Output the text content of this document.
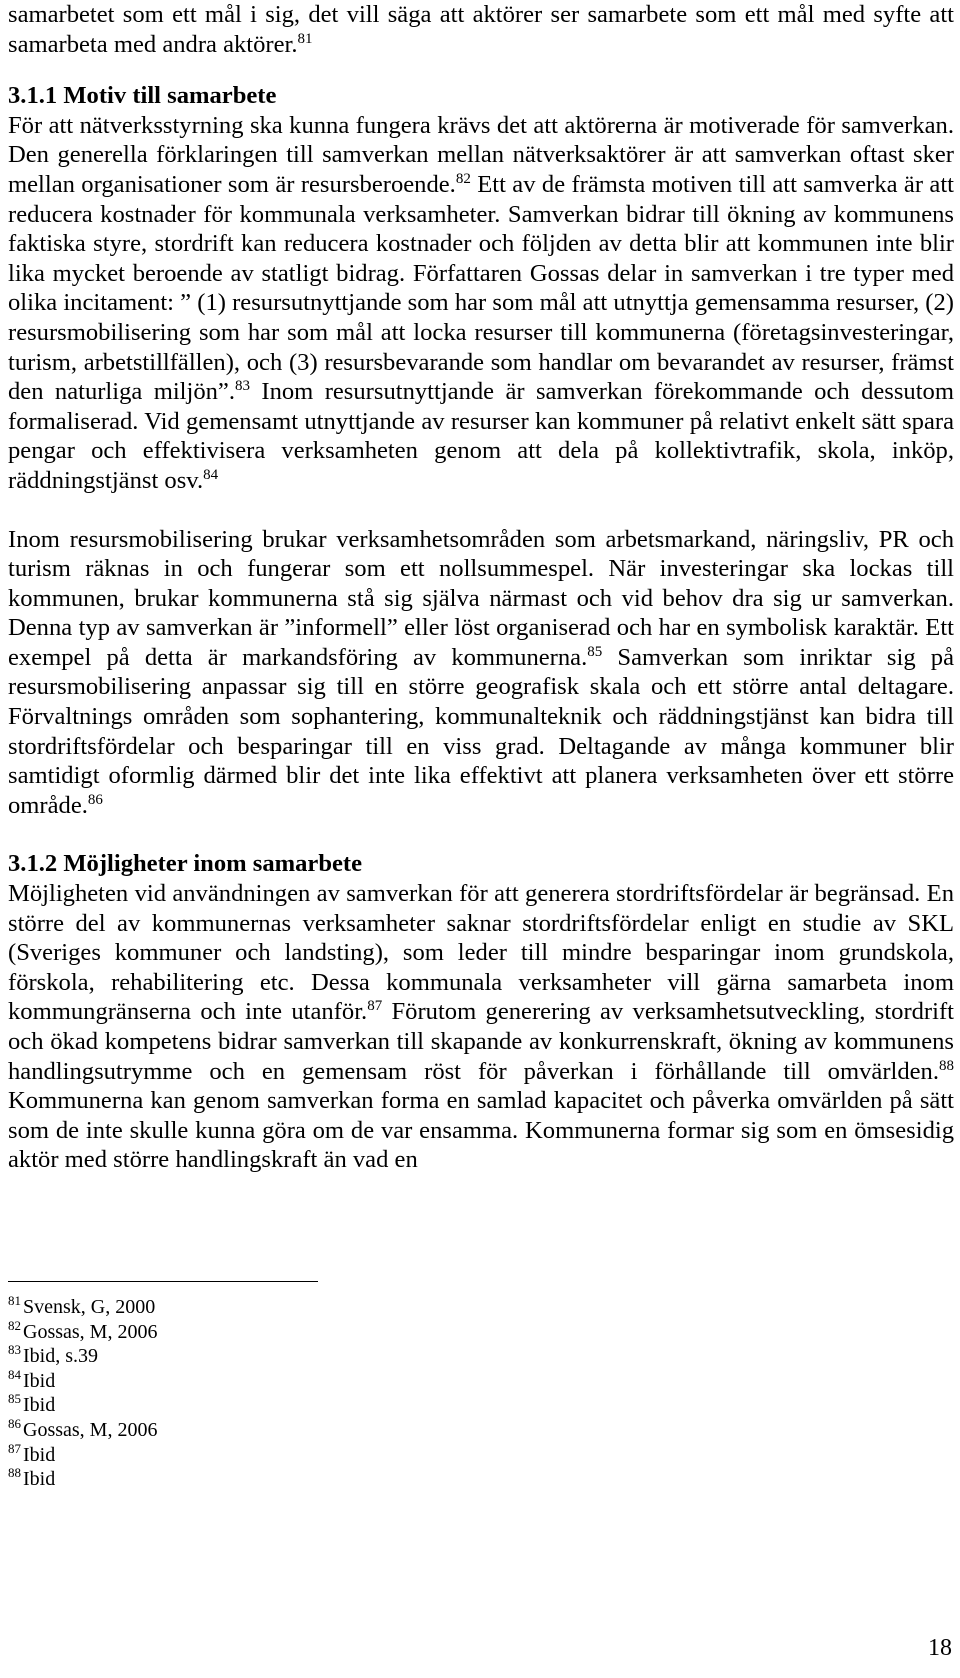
samarbetet som ett mål i sig, det vill säga att aktörer ser samarbete som ett mål med syfte att samarbeta med andra aktörer.$^{81}$

3.1.1 Motiv till samarbete

För att nätverksstyrning ska kunna fungera krävs det att aktörerna är motiverade för samverkan. Den generella förklaringen till samverkan mellan nätverksaktörer är att samverkan oftast sker mellan organisationer som är resursberoende.$^{82}$ Ett av de främsta motiven till att samverka är att reducera kostnader för kommunala verksamheter. Samverkan bidrar till ökning av kommunens faktiska styre, stordrift kan reducera kostnader och följden av detta blir att kommunen inte blir lika mycket beroende av statligt bidrag. Författaren Gossas delar in samverkan i tre typer med olika incitament: ” (1) resursutnyttjande som har som mål att utnyttja gemensamma resurser, (2) resursmobilisering som har som mål att locka resurser till kommunerna (företagsinvesteringar, turism, arbetstillfällen), och (3) resursbevarande som handlar om bevarandet av resurser, främst den naturliga miljön”.$^{83}$ Inom resursutnyttjande är samverkan förekommande och dessutom formaliserad. Vid gemensamt utnyttjande av resurser kan kommuner på relativt enkelt sätt spara pengar och effektivisera verksamheten genom att dela på kollektivtrafik, skola, inköp, räddningstjänst osv.$^{84}$

Inom resursmobilisering brukar verksamhetsområden som arbetsmarkand, näringsliv, PR och turism räknas in och fungerar som ett nollsummespel. När investeringar ska lockas till kommunen, brukar kommunerna stå sig själva närmast och vid behov dra sig ur samverkan. Denna typ av samverkan är ”informell” eller löst organiserad och har en symbolisk karaktär. Ett exempel på detta är markandsföring av kommunerna.$^{85}$ Samverkan som inriktar sig på resursmobilisering anpassar sig till en större geografisk skala och ett större antal deltagare. Förvaltnings områden som sophantering, kommunalteknik och räddningstjänst kan bidra till stordriftsfördelar och besparingar till en viss grad. Deltagande av många kommuner blir samtidigt oformlig därmed blir det inte lika effektivt att planera verksamheten över ett större område.$^{86}$

3.1.2 Möjligheter inom samarbete

Möjligheten vid användningen av samverkan för att generera stordriftsfördelar är begränsad. En större del av kommunernas verksamheter saknar stordriftsfördelar enligt en studie av SKL (Sveriges kommuner och landsting), som leder till mindre besparingar inom grundskola, förskola, rehabilitering etc. Dessa kommunala verksamheter vill gärna samarbeta inom kommungränserna och inte utanför.$^{87}$ Förutom generering av verksamhetsutveckling, stordrift och ökad kompetens bidrar samverkan till skapande av konkurrenskraft, ökning av kommunens handlingsutrymme och en gemensam röst för påverkan i förhållande till omvärlden.$^{88}$ Kommunerna kan genom samverkan forma en samlad kapacitet och påverka omvärlden på sätt som de inte skulle kunna göra om de var ensamma. Kommunerna formar sig som en ömsesidig aktör med större handlingskraft än vad en

$^{81}$ Svensk, G, 2000

$^{82}$ Gossas, M, 2006

$^{83}$ Ibid, s.39

$^{84}$ Ibid

$^{85}$ Ibid

$^{86}$ Gossas, M, 2006

$^{87}$ Ibid

$^{88}$ Ibid

18
